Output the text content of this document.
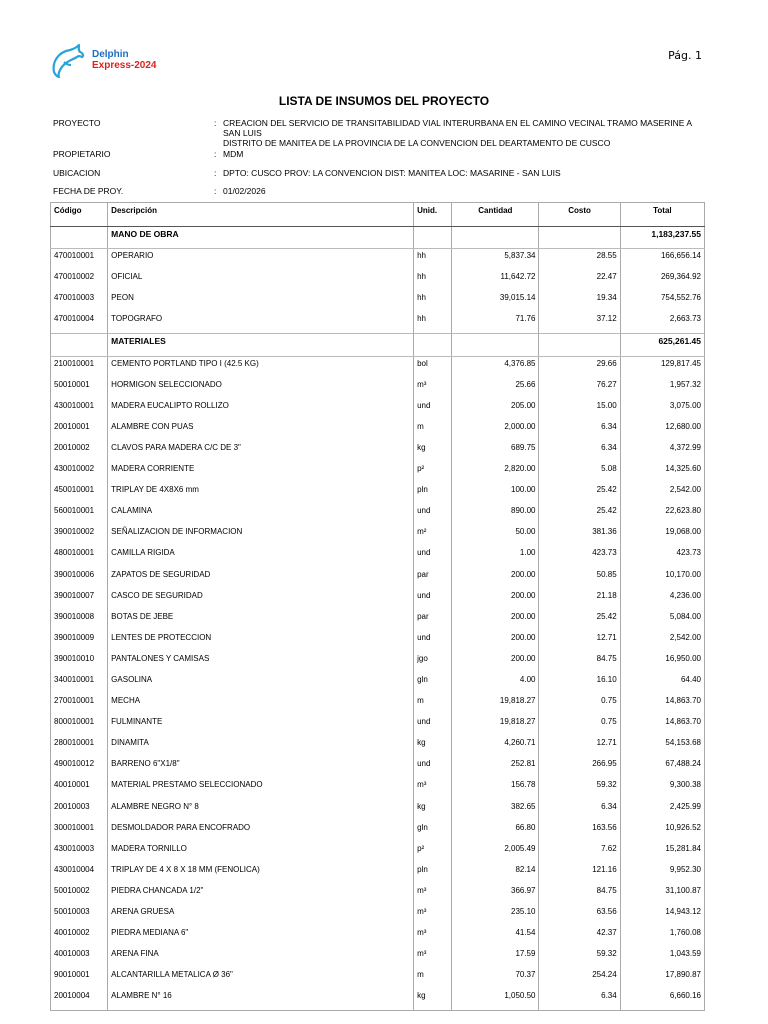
Delphin
Express-2024
Pág. 1
LISTA DE INSUMOS DEL PROYECTO
PROYECTO	: CREACION DEL SERVICIO DE TRANSITABILIDAD VIAL INTERURBANA EN EL CAMINO VECINAL TRAMO MASERINE A SAN LUIS
DISTRITO DE MANITEA DE LA PROVINCIA DE LA CONVENCION DEL DEARTAMENTO DE CUSCO
PROPIETARIO	: MDM
UBICACION	: DPTO: CUSCO PROV: LA CONVENCION DIST: MANITEA LOC: MASARINE - SAN LUIS
FECHA DE PROY.	: 01/02/2026
Código	Descripción	Unid.	Cantidad	Costo	Total
	MANO DE OBRA				1,183,237.55
470010001	OPERARIO	hh	5,837.34	28.55	166,656.14
470010002	OFICIAL	hh	11,642.72	22.47	269,364.92
470010003	PEON	hh	39,015.14	19.34	754,552.76
470010004	TOPOGRAFO	hh	71.76	37.12	2,663.73
	MATERIALES				625,261.45
210010001	CEMENTO PORTLAND TIPO I (42.5 KG)	bol	4,376.85	29.66	129,817.45
50010001	HORMIGON SELECCIONADO	m³	25.66	76.27	1,957.32
430010001	MADERA EUCALIPTO ROLLIZO	und	205.00	15.00	3,075.00
20010001	ALAMBRE CON PUAS	m	2,000.00	6.34	12,680.00
20010002	CLAVOS PARA MADERA C/C DE 3"	kg	689.75	6.34	4,372.99
430010002	MADERA CORRIENTE	p²	2,820.00	5.08	14,325.60
450010001	TRIPLAY DE 4X8X6 mm	pln	100.00	25.42	2,542.00
560010001	CALAMINA	und	890.00	25.42	22,623.80
390010002	SEÑALIZACION DE INFORMACION	m²	50.00	381.36	19,068.00
480010001	CAMILLA RIGIDA	und	1.00	423.73	423.73
390010006	ZAPATOS DE SEGURIDAD	par	200.00	50.85	10,170.00
390010007	CASCO DE SEGURIDAD	und	200.00	21.18	4,236.00
390010008	BOTAS DE JEBE	par	200.00	25.42	5,084.00
390010009	LENTES DE PROTECCION	und	200.00	12.71	2,542.00
390010010	PANTALONES Y CAMISAS	jgo	200.00	84.75	16,950.00
340010001	GASOLINA	gln	4.00	16.10	64.40
270010001	MECHA	m	19,818.27	0.75	14,863.70
800010001	FULMINANTE	und	19,818.27	0.75	14,863.70
280010001	DINAMITA	kg	4,260.71	12.71	54,153.68
490010012	BARRENO 6"X1/8"	und	252.81	266.95	67,488.24
40010001	MATERIAL PRESTAMO SELECCIONADO	m³	156.78	59.32	9,300.38
20010003	ALAMBRE NEGRO N° 8	kg	382.65	6.34	2,425.99
300010001	DESMOLDADOR PARA ENCOFRADO	gln	66.80	163.56	10,926.52
430010003	MADERA TORNILLO	p²	2,005.49	7.62	15,281.84
430010004	TRIPLAY DE 4 X 8 X 18 MM (FENOLICA)	pln	82.14	121.16	9,952.30
50010002	PIEDRA CHANCADA 1/2"	m³	366.97	84.75	31,100.87
50010003	ARENA GRUESA	m³	235.10	63.56	14,943.12
40010002	PIEDRA MEDIANA 6"	m³	41.54	42.37	1,760.08
40010003	ARENA FINA	m³	17.59	59.32	1,043.59
90010001	ALCANTARILLA METALICA Ø 36"	m	70.37	254.24	17,890.87
20010004	ALAMBRE N° 16	kg	1,050.50	6.34	6,660.16
